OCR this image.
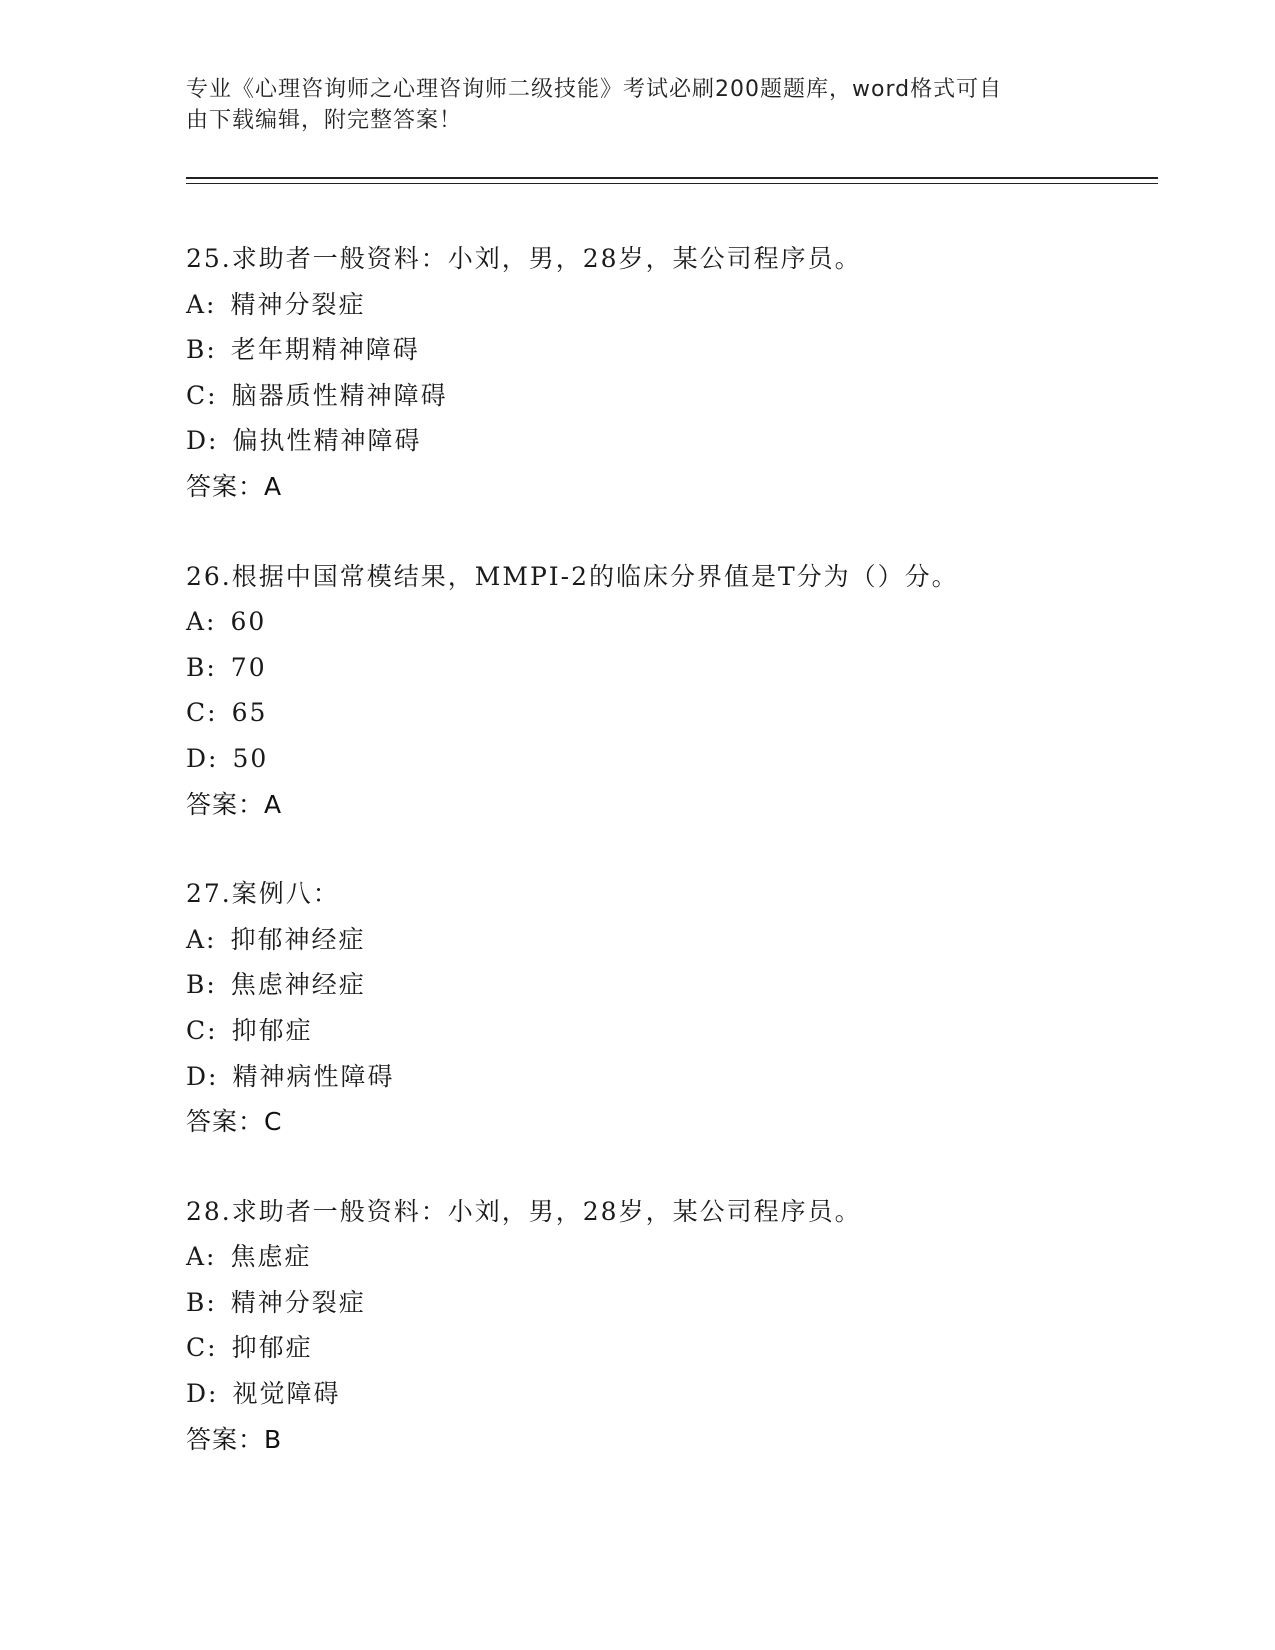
专业《心理咨询师之心理咨询师二级技能》考试必刷200题题库，word格式可自
由下载编辑，附完整答案！
25.求助者一般资料：小刘，男，28岁，某公司程序员。
A: 精神分裂症
B: 老年期精神障碍
C: 脑器质性精神障碍
D: 偏执性精神障碍
答案：A
26.根据中国常模结果，MMPI-2的临床分界值是T分为（）分。
A: 60
B: 70
C: 65
D: 50
答案：A
27.案例八：
A: 抑郁神经症
B: 焦虑神经症
C: 抑郁症
D: 精神病性障碍
答案：C
28.求助者一般资料：小刘，男，28岁，某公司程序员。
A: 焦虑症
B: 精神分裂症
C: 抑郁症
D: 视觉障碍
答案：B
